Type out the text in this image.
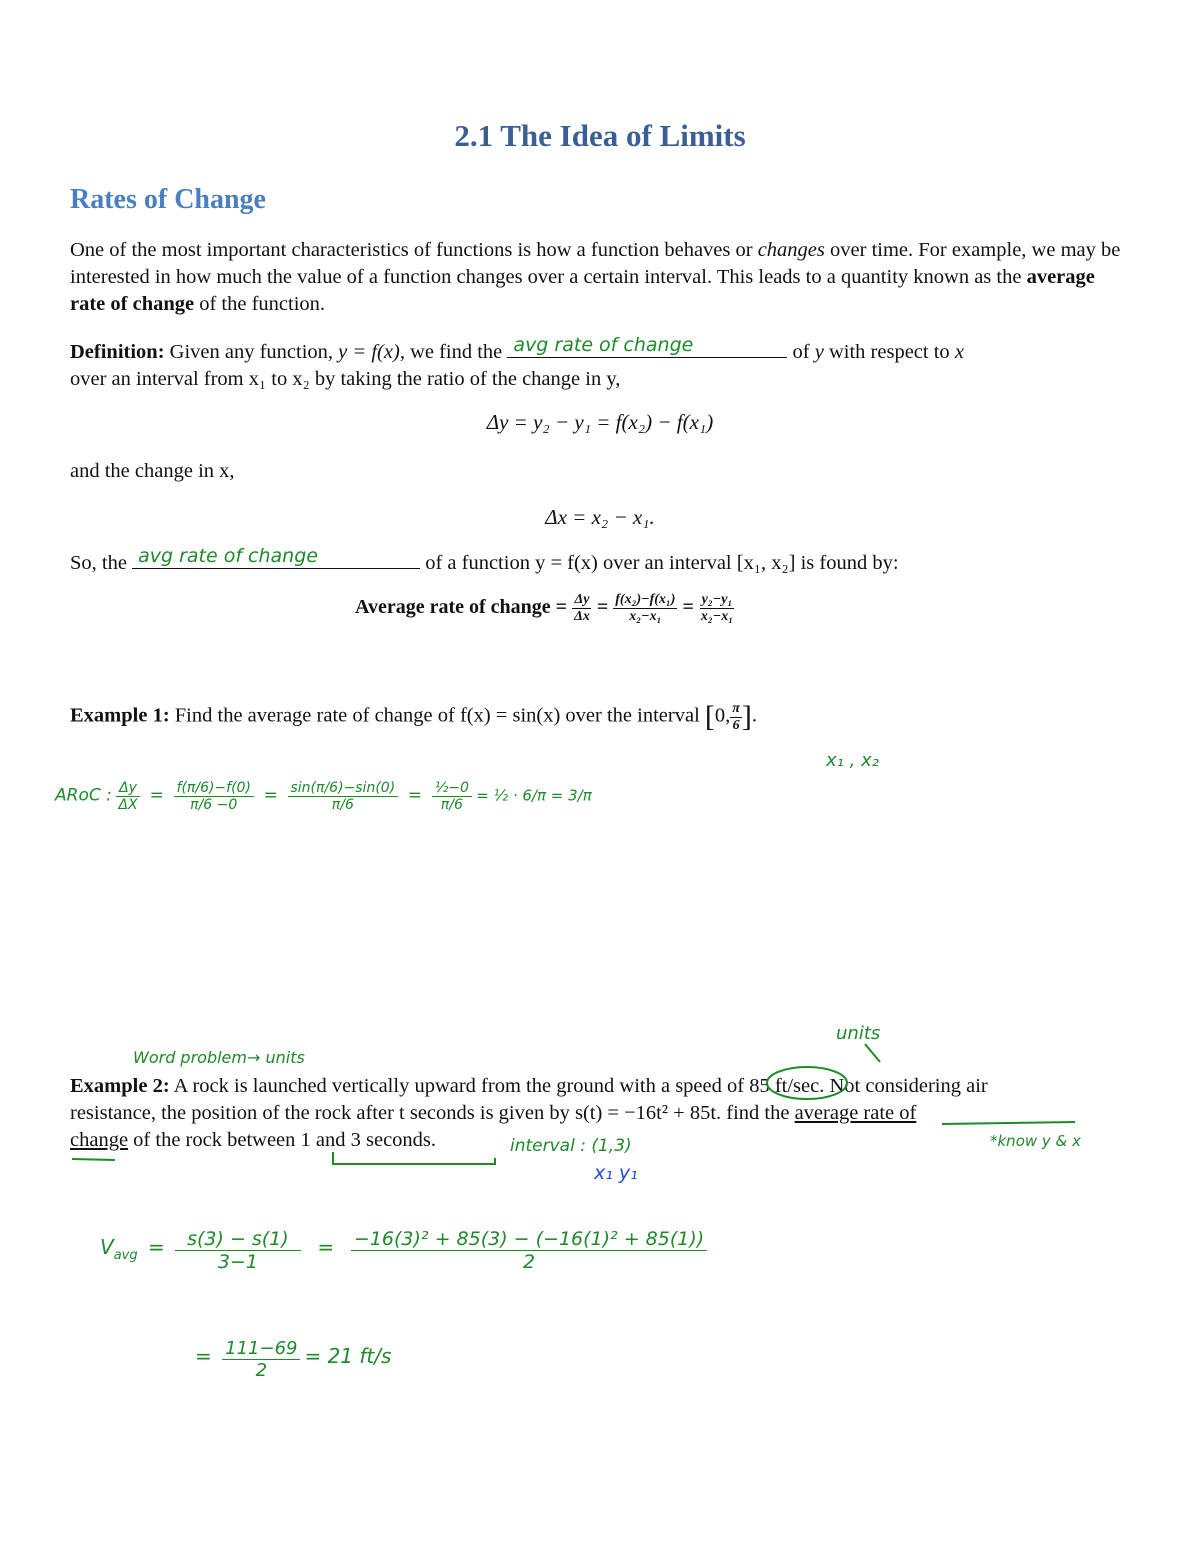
2.1 The Idea of Limits
Rates of Change
One of the most important characteristics of functions is how a function behaves or changes over time. For example, we may be interested in how much the value of a function changes over a certain interval. This leads to a quantity known as the average rate of change of the function.
Definition: Given any function, y = f(x), we find the avg rate of change	of y with respect to x
over an interval from x₁ to x₂ by taking the ratio of the change in y,
Δy = y₂ − y₁ = f(x₂) − f(x₁)
and the change in x,
Δx = x₂ − x₁.
So, the avg rate of change	of a function y = f(x) over an interval [x₁, x₂] is found by:
Average rate of change = $\frac{\Delta y}{\Delta x} = \frac{\text{f(x₂)−f(x₁)}}{\text{x₂−x₁}} = \frac{\text{y₂−y₁}}{\text{x₂−x₁}}$
Example 1: Find the average rate of change of f(x) = sin(x) over the interval [0, $\frac{\pi}{6}$ ].
x₁ , x₂
ARoC : $\frac{\Delta y}{\Delta X} = \frac{f(\pi/6)-f(0)}{\pi/6 -0} = \frac{\sin(\pi/6)-\sin(0)}{\pi/6} = \frac{\text{½−0}}{\pi/6}$ = ½ · 6/π = 3/π
units
Word problem→ units
Example 2: A rock is launched vertically upward from the ground with a speed of 85 ft/sec.
Not considering air
resistance, the position of the rock after t seconds is given by s(t) = −16t² + 85t. find the average rate of
change of the rock between 1 and 3 seconds.	interval : (1,3)
x₁ y₁
*know y & x
$V_{avg} = \frac{s(3) - s(1)}{3-1} = \frac{\text{−16(3)² + 85(3) − (−16(1)² + 85(1))}}{2}$
= $\frac{111-69}{2} = 21$ ft/s
